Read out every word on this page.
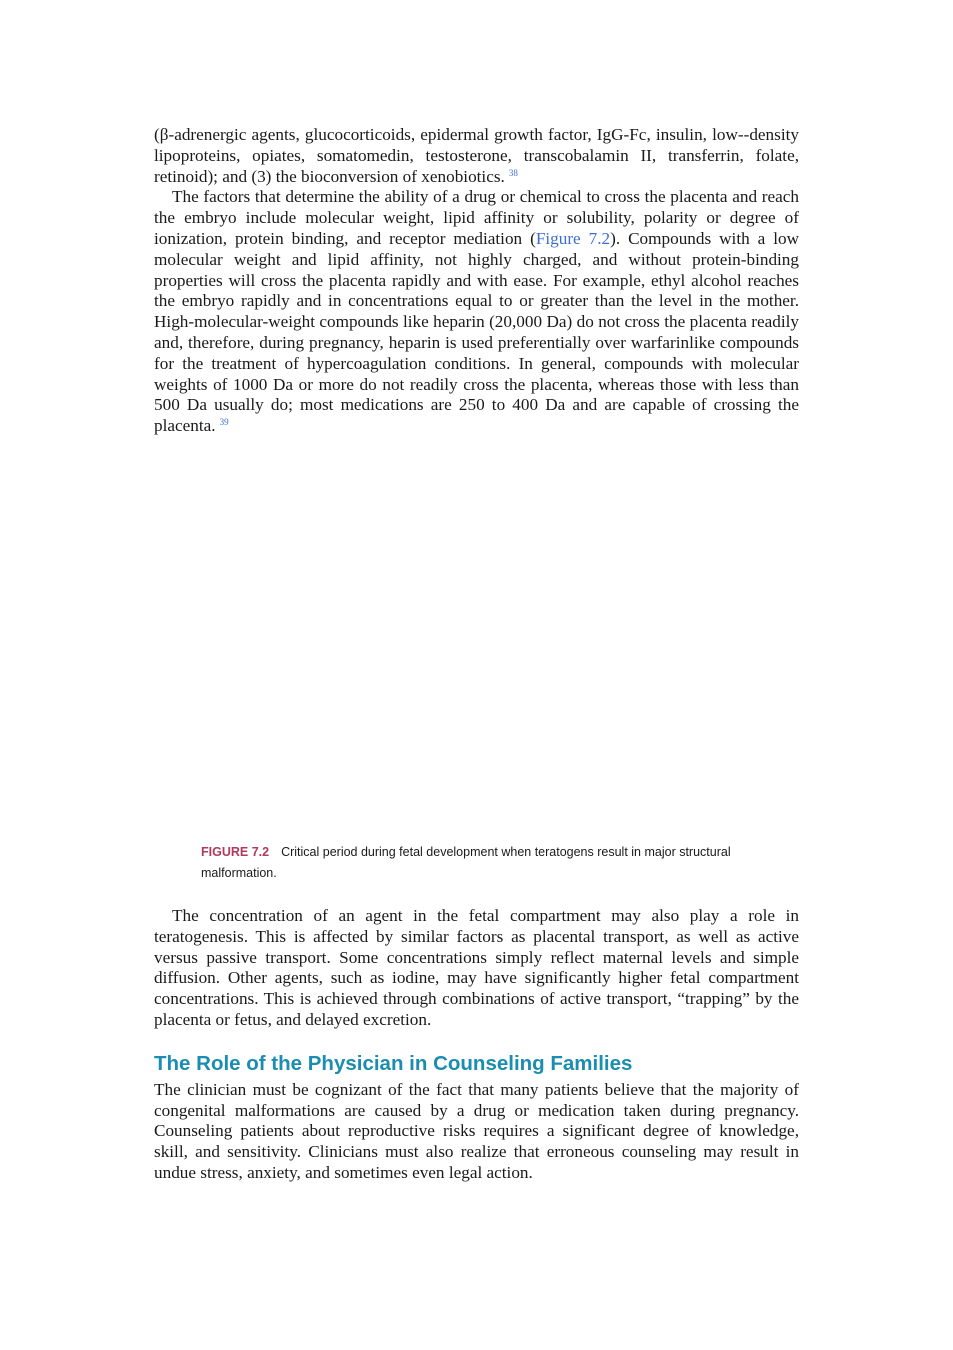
(β-adrenergic agents, glucocorticoids, epidermal growth factor, IgG-Fc, insulin, low--density lipoproteins, opiates, somatomedin, testosterone, transcobalamin II, transferrin, folate, retinoid); and (3) the bioconversion of xenobiotics. $^{38}$

The factors that determine the ability of a drug or chemical to cross the placenta and reach the embryo include molecular weight, lipid affinity or solubility, polarity or degree of ionization, protein binding, and receptor mediation (Figure 7.2). Compounds with a low molecular weight and lipid affinity, not highly charged, and without protein-binding properties will cross the placenta rapidly and with ease. For example, ethyl alcohol reaches the embryo rapidly and in concentrations equal to or greater than the level in the mother. High-molecular-weight compounds like heparin (20,000 Da) do not cross the placenta readily and, therefore, during pregnancy, heparin is used preferentially over warfarinlike compounds for the treatment of hypercoagulation conditions. In general, compounds with molecular weights of 1000 Da or more do not readily cross the placenta, whereas those with less than 500 Da usually do; most medications are 250 to 400 Da and are capable of crossing the placenta. $^{39}$

FIGURE 7.2 Critical period during fetal development when teratogens result in major structural malformation.

The concentration of an agent in the fetal compartment may also play a role in teratogenesis. This is affected by similar factors as placental transport, as well as active versus passive transport. Some concentrations simply reflect maternal levels and simple diffusion. Other agents, such as iodine, may have significantly higher fetal compartment concentrations. This is achieved through combinations of active transport, “trapping” by the placenta or fetus, and delayed excretion.

The Role of the Physician in Counseling Families

The clinician must be cognizant of the fact that many patients believe that the majority of congenital malformations are caused by a drug or medication taken during pregnancy. Counseling patients about reproductive risks requires a significant degree of knowledge, skill, and sensitivity. Clinicians must also realize that erroneous counseling may result in undue stress, anxiety, and sometimes even legal action.
